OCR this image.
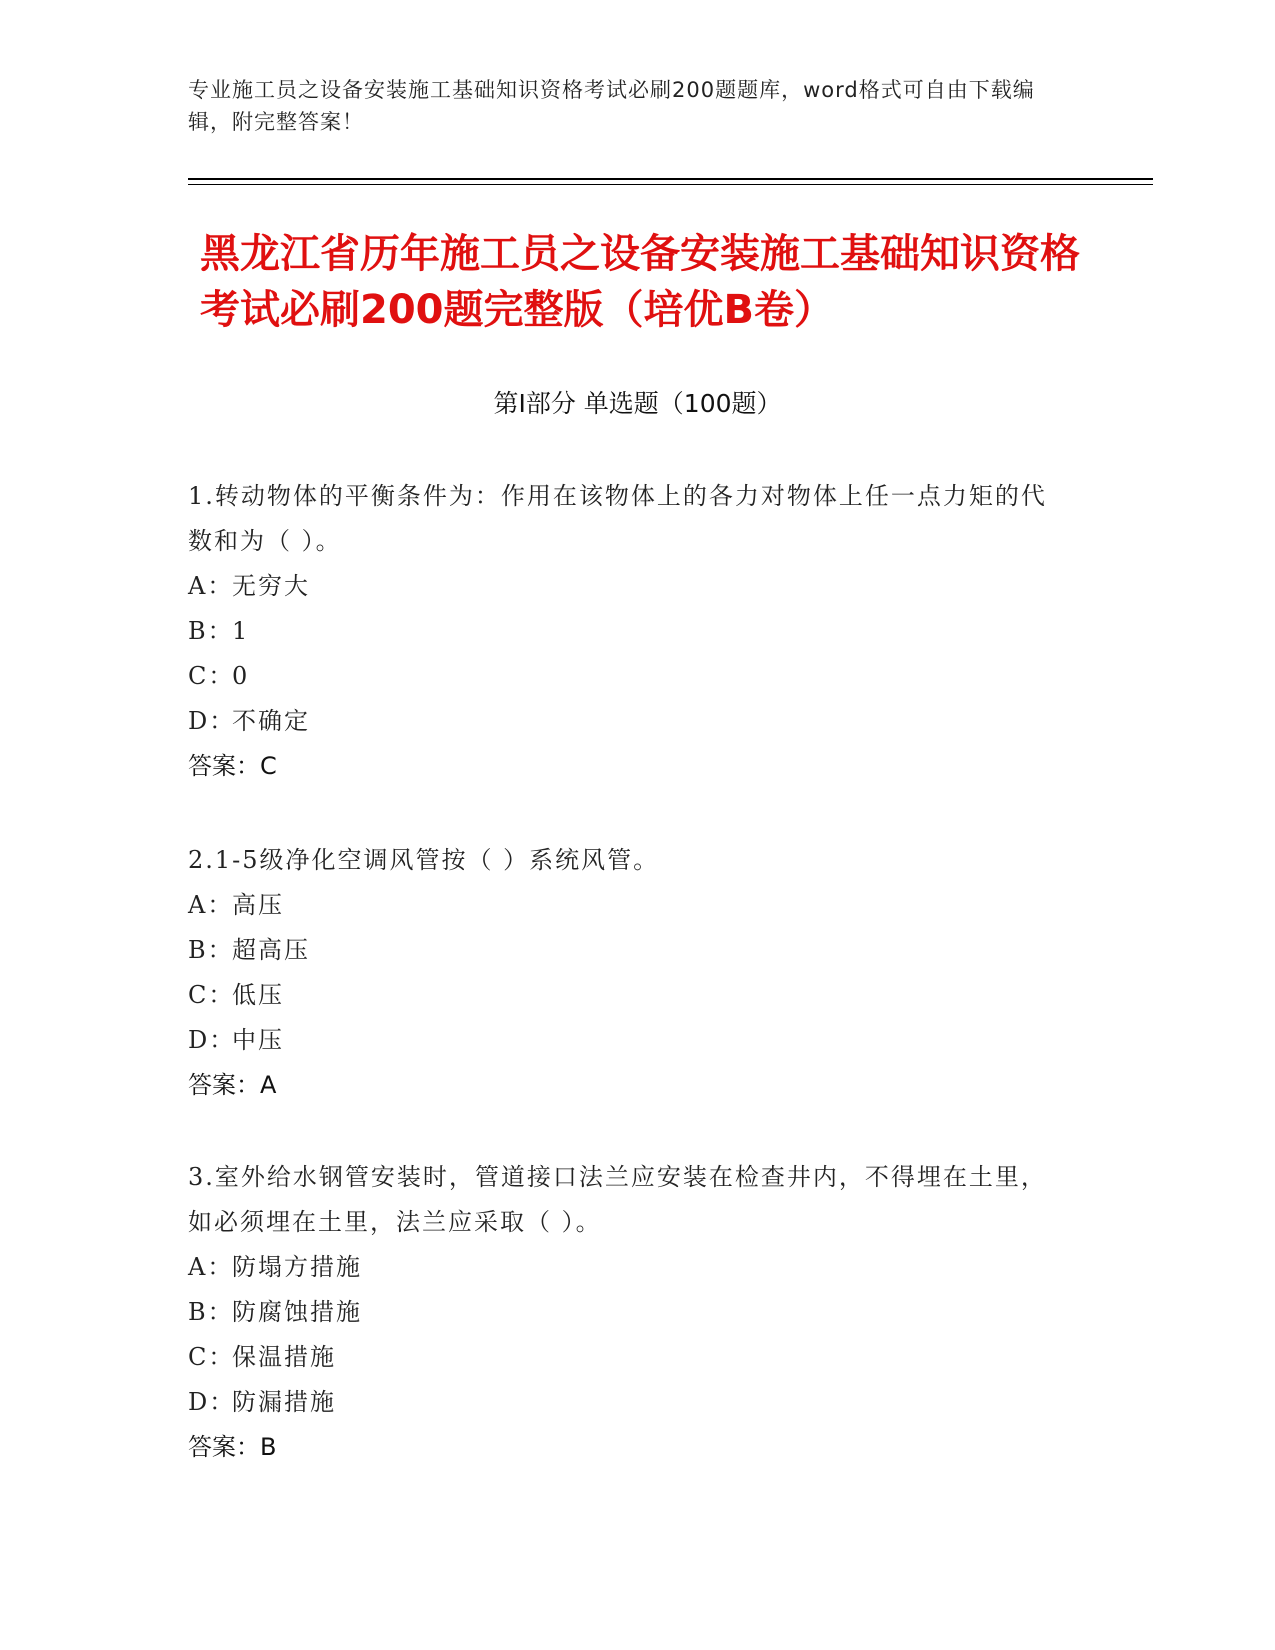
专业施工员之设备安装施工基础知识资格考试必刷200题题库，word格式可自由下载编辑，附完整答案！
黑龙江省历年施工员之设备安装施工基础知识资格考试必刷200题完整版（培优B卷）
第Ⅰ部分 单选题（100题）

1.转动物体的平衡条件为：作用在该物体上的各力对物体上任一点力矩的代数和为（ ）。

A：无穷大

B：1

C：0

D：不确定

答案：C

2.1-5级净化空调风管按（ ）系统风管。

A：高压

B：超高压

C：低压

D：中压

答案：A

3.室外给水钢管安装时，管道接口法兰应安装在检查井内，不得埋在土里，如必须埋在土里，法兰应采取（ ）。

A：防塌方措施

B：防腐蚀措施

C：保温措施

D：防漏措施

答案：B
